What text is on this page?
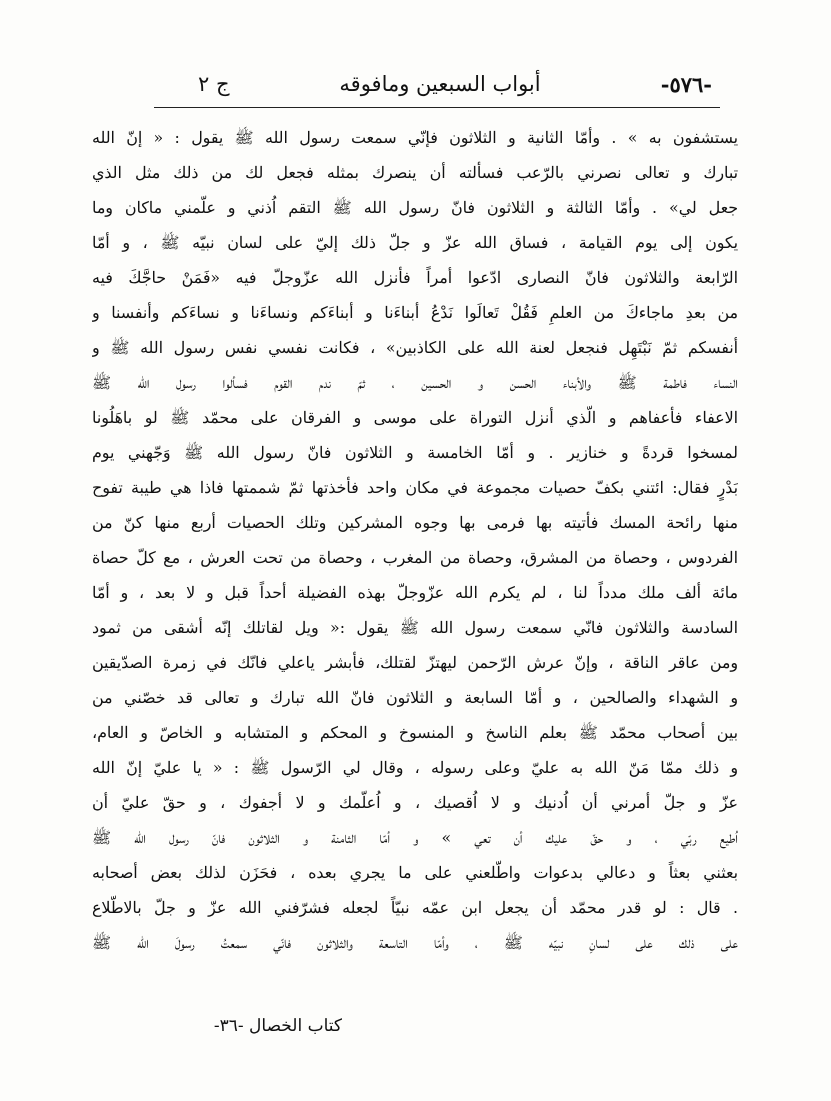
-٥٧٦-
أبواب السبعين ومافوقه
ج ٢
يستشفون به » . وأمّا الثانية و الثلاثون فإنّي سمعت رسول الله ﷺ يقول : « إنّ الله
تبارك و تعالى نصرني بالرّعب فسألته أن ينصرك بمثله فجعل لك من ذلك مثل الذي
جعل لي» . وأمّا الثالثة و الثلاثون فانّ رسول الله ﷺ التقم اُذني و علّمني ماكان وما
يكون إلى يوم القيامة ، فساق الله عزّ و جلّ ذلك إليّ على لسان نبيّه ﷺ ، و أمّا
الرّابعة والثلاثون فانّ النصارى ادّعوا أمراً فأنزل الله عزّوجلّ فيه «فَمَنْ حاجَّكَ فيه
من بعدِ ماجاءكَ من العلمِ فَقُلْ تَعالَوا نَدْعُ أبناءَنا و أبناءَكم ونساءَنا و نساءَكم وأنفسنا و
أنفسكم ثمّ نَبْتَهِل فنجعل لعنة الله على الكاذبين» ، فكانت نفسي نفس رسول الله ﷺ و
النساء فاطمة ﷺ والأبناء الحسن و الحسين ، ثمّ ندم القوم فسألوا رسول الله ﷺ
الاعفاء فأعفاهم و الّذي أنزل التوراة على موسى و الفرقان على محمّد ﷺ لو باهَلُونا
لمسخوا قردةً و خنازير . و أمّا الخامسة و الثلاثون فانّ رسول الله ﷺ وَجّهني يوم
بَدْرٍ فقال: ائتني بكفّ حصيات مجموعة في مكان واحد فأخذتها ثمّ شممتها فاذا هي طيبة تفوح
منها رائحة المسك فأتيته بها فرمى بها وجوه المشركين وتلك الحصيات أربع منها كنّ من
الفردوس ، وحصاة من المشرق، وحصاة من المغرب ، وحصاة من تحت العرش ، مع كلّ حصاة
مائة ألف ملك مدداً لنا ، لم يكرم الله عزّوجلّ بهذه الفضيلة أحداً قبل و لا بعد ، و أمّا
السادسة والثلاثون فانّي سمعت رسول الله ﷺ يقول :« ويل لقاتلك إنّه أشقى من ثمود
ومن عاقر الناقة ، وإنّ عرش الرّحمن ليهتزّ لقتلك، فأبشر ياعلي فانّك في زمرة الصدّيقين
و الشهداء والصالحين ، و أمّا السابعة و الثلاثون فانّ الله تبارك و تعالى قد خصّني من
بين أصحاب محمّد ﷺ بعلم الناسخ و المنسوخ و المحكم و المتشابه و الخاصّ و العام،
و ذلك ممّا مَنّ الله به عليّ وعلى رسوله ، وقال لي الرّسول ﷺ : « يا عليّ إنّ الله
عزّ و جلّ أمرني أن اُدنيك و لا اُقصيك ، و اُعلّمك و لا أجفوك ، و حقّ عليّ أن
اُطيع ربّي ، و حقّ عليك أن تعي » و أمّا الثامنة و الثلاثون فانّ رسول الله ﷺ
بعثني بعثاً و دعالي بدعوات واطّلعني على ما يجري بعده ، فحَزَن لذلك بعض أصحابه
. قال : لو قدر محمّد أن يجعل ابن عمّه نبيّاً لجعله فشرّفني الله عزّ و جلّ بالاطّلاع
على ذلك على لسانِ نبيّه ﷺ ، وأمّا التاسعة والثلاثون فانّي سمعتُ رسولَ الله ﷺ
كتاب الخصال -٣٦-
